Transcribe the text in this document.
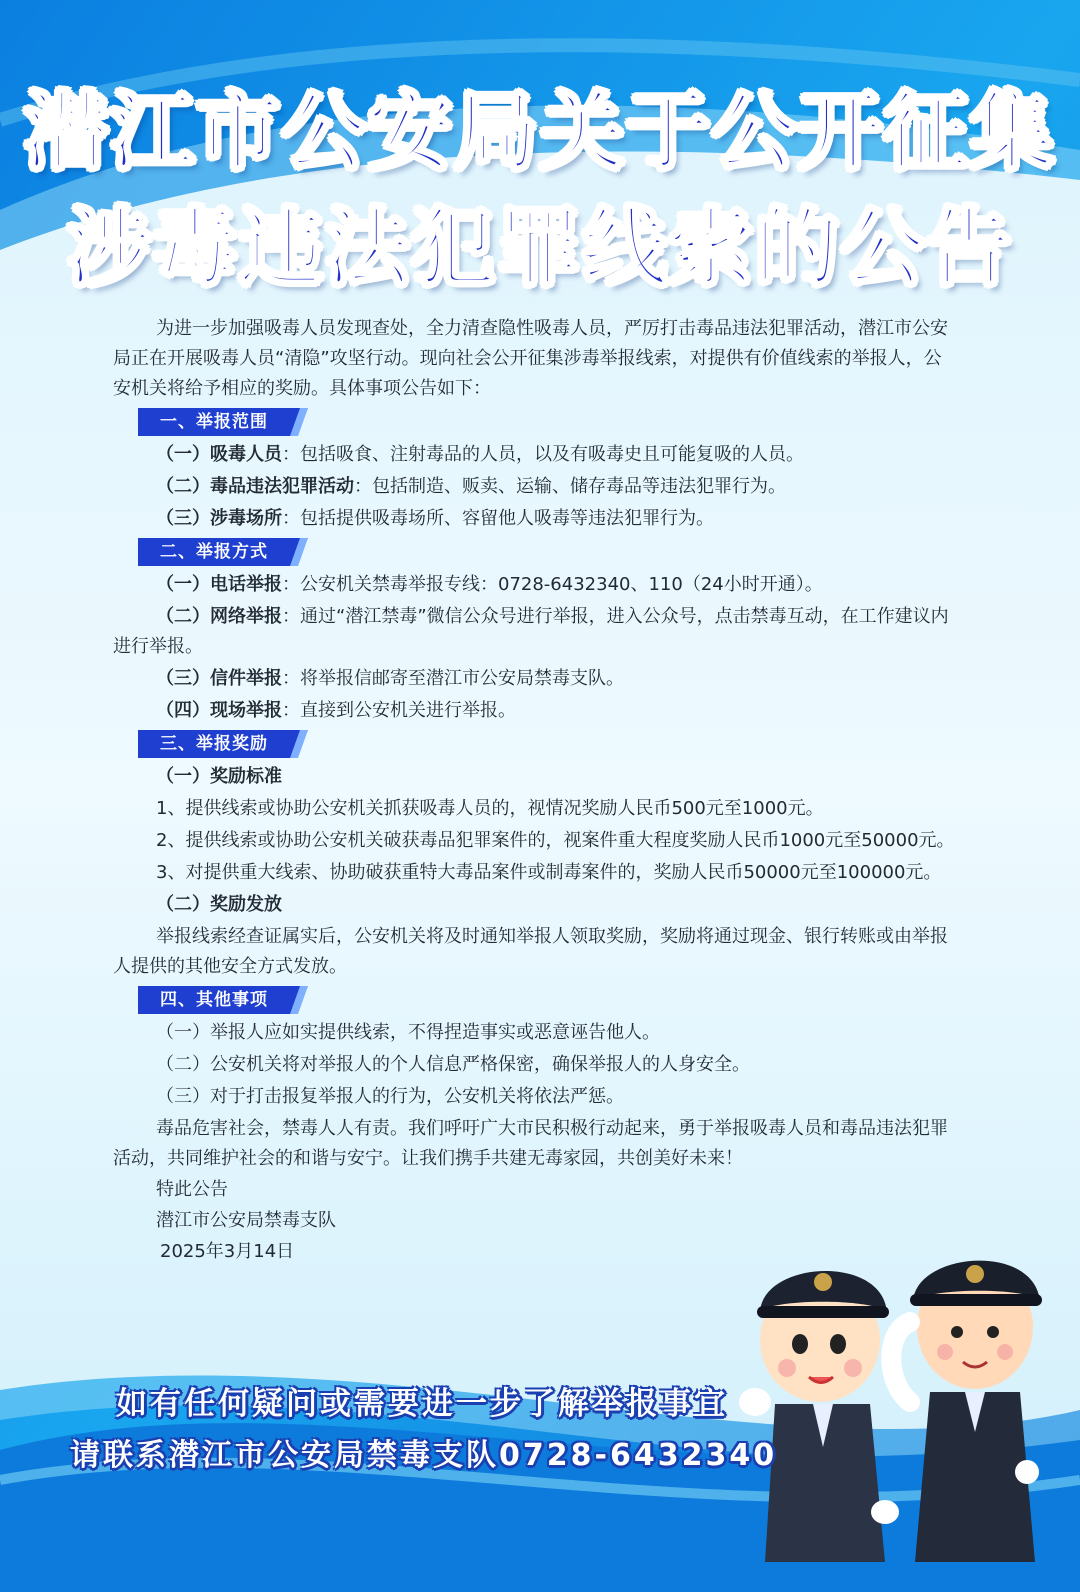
潜江市公安局关于公开征集
涉毒违法犯罪线索的公告

为进一步加强吸毒人员发现查处，全力清查隐性吸毒人员，严厉打击毒品违法犯罪活动，潜江市公安局正在开展吸毒人员“清隐”攻坚行动。现向社会公开征集涉毒举报线索，对提供有价值线索的举报人，公安机关将给予相应的奖励。具体事项公告如下：

一、举报范围

（一）吸毒人员：包括吸食、注射毒品的人员，以及有吸毒史且可能复吸的人员。

（二）毒品违法犯罪活动：包括制造、贩卖、运输、储存毒品等违法犯罪行为。

（三）涉毒场所：包括提供吸毒场所、容留他人吸毒等违法犯罪行为。

二、举报方式

（一）电话举报：公安机关禁毒举报专线：0728-6432340、110（24小时开通）。

（二）网络举报：通过“潜江禁毒”微信公众号进行举报，进入公众号，点击禁毒互动，在工作建议内进行举报。

（三）信件举报：将举报信邮寄至潜江市公安局禁毒支队。

（四）现场举报：直接到公安机关进行举报。

三、举报奖励

（一）奖励标准

1、提供线索或协助公安机关抓获吸毒人员的，视情况奖励人民币500元至1000元。

2、提供线索或协助公安机关破获毒品犯罪案件的，视案件重大程度奖励人民币1000元至50000元。

3、对提供重大线索、协助破获重特大毒品案件或制毒案件的，奖励人民币50000元至100000元。

（二）奖励发放

举报线索经查证属实后，公安机关将及时通知举报人领取奖励，奖励将通过现金、银行转账或由举报人提供的其他安全方式发放。

四、其他事项

（一）举报人应如实提供线索，不得捏造事实或恶意诬告他人。

（二）公安机关将对举报人的个人信息严格保密，确保举报人的人身安全。

（三）对于打击报复举报人的行为，公安机关将依法严惩。

毒品危害社会，禁毒人人有责。我们呼吁广大市民积极行动起来，勇于举报吸毒人员和毒品违法犯罪活动，共同维护社会的和谐与安宁。让我们携手共建无毒家园，共创美好未来！

特此公告
潜江市公安局禁毒支队
2025年3月14日
如有任何疑问或需要进一步了解举报事宜
请联系潜江市公安局禁毒支队0728-6432340
